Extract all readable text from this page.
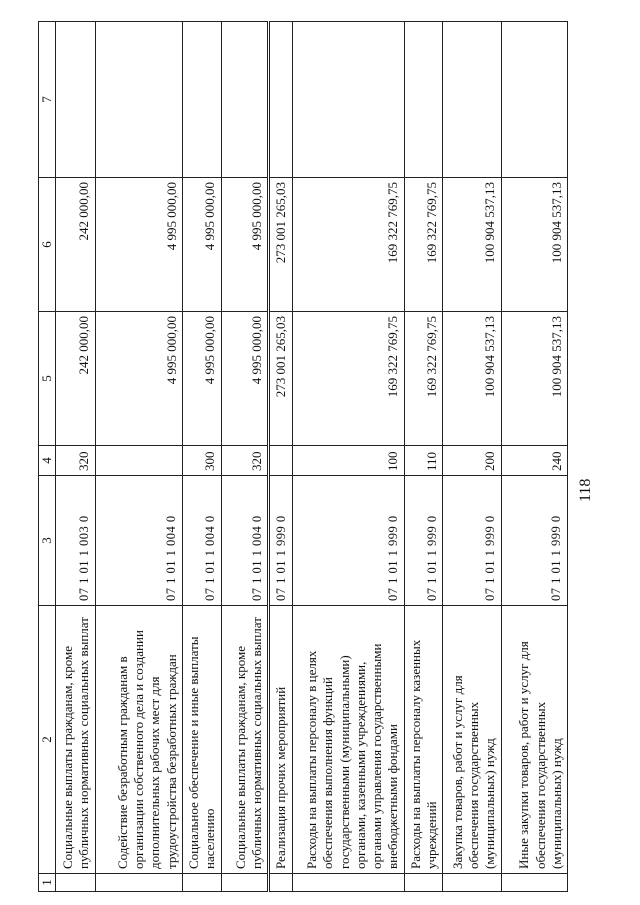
1	2	3	4	5	6	7
	Социальные выплаты гражданам, кроме публичных нормативных социальных выплат	07 1 01 1 003 0	320	242 000,00	242 000,00	
	Содействие безработным гражданам в организации собственного дела и создании дополнительных рабочих мест для трудоустройства безработных граждан	07 1 01 1 004 0		4 995 000,00	4 995 000,00	
	Социальное обеспечение и иные выплаты населению	07 1 01 1 004 0	300	4 995 000,00	4 995 000,00	
	Социальные выплаты гражданам, кроме публичных нормативных социальных выплат	07 1 01 1 004 0	320	4 995 000,00	4 995 000,00	
	Реализация прочих мероприятий	07 1 01 1 999 0		273 001 265,03	273 001 265,03	
	Расходы на выплаты персоналу в целях обеспечения выполнения функций государственными (муниципальными) органами, казенными учреждениями, органами управления государственными внебюджетными фондами	07 1 01 1 999 0	100	169 322 769,75	169 322 769,75	
	Расходы на выплаты персоналу казенных учреждений	07 1 01 1 999 0	110	169 322 769,75	169 322 769,75	
	Закупка товаров, работ и услуг для обеспечения государственных (муниципальных) нужд	07 1 01 1 999 0	200	100 904 537,13	100 904 537,13	
	Иные закупки товаров, работ и услуг для обеспечения государственных (муниципальных) нужд	07 1 01 1 999 0	240	100 904 537,13	100 904 537,13	
118
